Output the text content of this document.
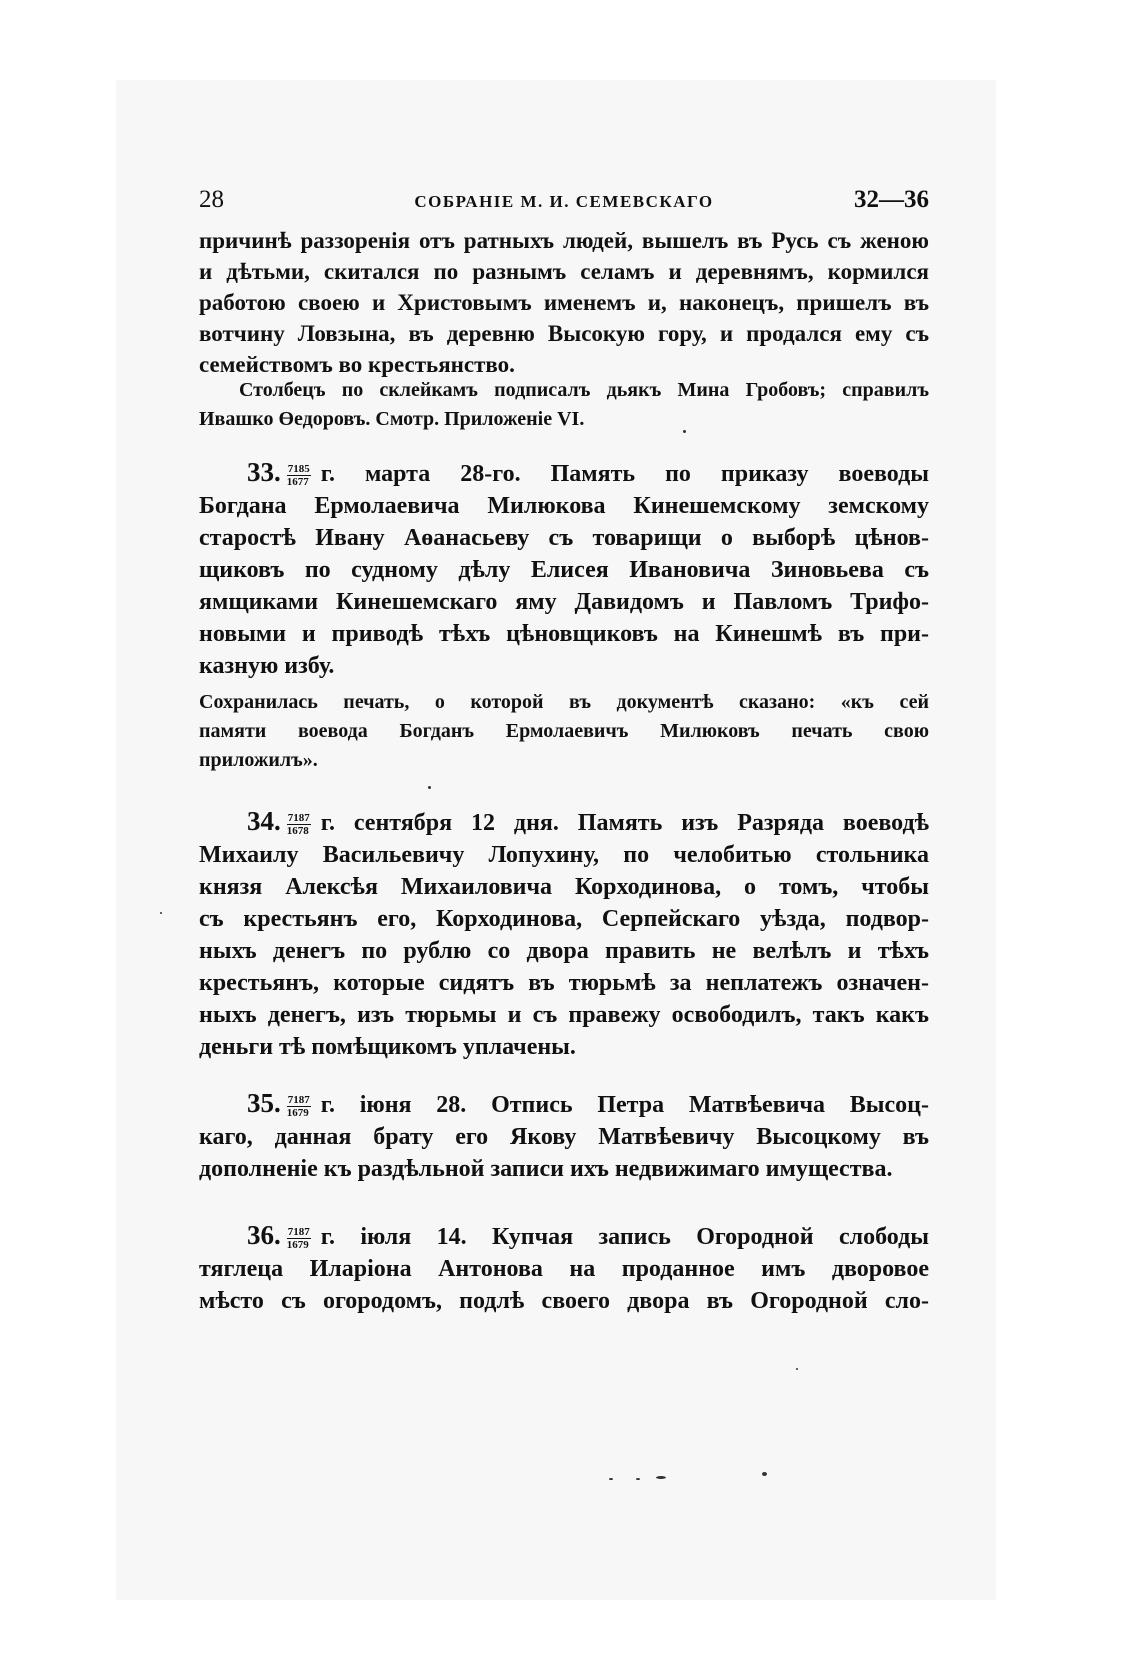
28	СОБРАНІЕ М. И. СЕМЕВСКАГО	32—36
причинѣ раззоренія отъ ратныхъ людей, вышелъ въ Русь съ женою
и дѣтьми, скитался по разнымъ селамъ и деревнямъ, кормился
работою своею и Христовымъ именемъ и, наконецъ, пришелъ въ
вотчину Ловзына, въ деревню Высокую гору, и продался ему съ
семействомъ во крестьянство.
Столбецъ по склейкамъ подписалъ дьякъ Мина Гробовъ; справилъ
Ивашко Өедоровъ. Смотр. Приложеніе VI.
33. $\frac{7185}{1677} г$. марта 28-го. Память по приказу воеводы
Богдана Ермолаевича Милюкова Кинешемскому земскому
старостѣ Ивану Аөанасьеву съ товарищи о выборѣ цѣнов-
щиковъ по судному дѣлу Елисея Ивановича Зиновьева съ
ямщиками Кинешемскаго яму Давидомъ и Павломъ Трифо-
новыми и приводѣ тѣхъ цѣновщиковъ на Кинешмѣ въ при-
казную избу.
Сохранилась печать, о которой въ документѣ сказано: «къ сей
памяти воевода Богданъ Ермолаевичъ Милюковъ печать свою
приложилъ».
34. $\frac{7187}{1678} г$. сентября 12 дня. Память изъ Разряда воеводѣ
Михаилу Васильевичу Лопухину, по челобитью стольника
князя Алексѣя Михаиловича Корходинова, о томъ, чтобы
съ крестьянъ его, Корходинова, Серпейскаго уѣзда, подвор-
ныхъ денегъ по рублю со двора править не велѣлъ и тѣхъ
крестьянъ, которые сидятъ въ тюрьмѣ за неплатежъ означен-
ныхъ денегъ, изъ тюрьмы и съ правежу освободилъ, такъ какъ
деньги тѣ помѣщикомъ уплачены.
35. $\frac{7187}{1679} г$. іюня 28. Отпись Петра Матвѣевича Высоц-
каго, данная брату его Якову Матвѣевичу Высоцкому въ
дополненіе къ раздѣльной записи ихъ недвижимаго имущества.
36. $\frac{7187}{1679} г$. іюля 14. Купчая запись Огородной слободы
тяглеца Иларіона Антонова на проданное имъ дворовое
мѣсто съ огородомъ, подлѣ своего двора въ Огородной сло-
